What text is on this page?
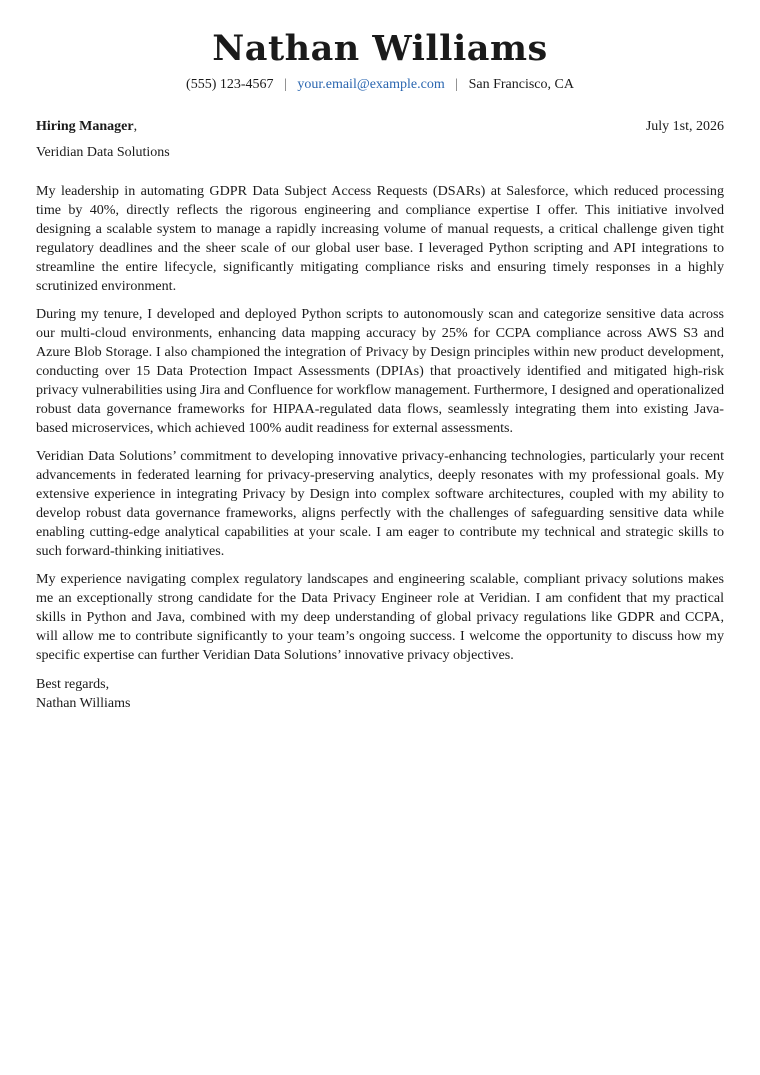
Nathan Williams
(555) 123-4567 | your.email@example.com | San Francisco, CA
Hiring Manager,	July 1st, 2026
Veridian Data Solutions

My leadership in automating GDPR Data Subject Access Requests (DSARs) at Salesforce, which reduced processing time by 40%, directly reflects the rigorous engineering and compliance expertise I offer. This initiative involved designing a scalable system to manage a rapidly increasing volume of manual requests, a critical challenge given tight regulatory deadlines and the sheer scale of our global user base. I leveraged Python scripting and API integrations to streamline the entire lifecycle, significantly mitigating compliance risks and ensuring timely responses in a highly scrutinized environment.

During my tenure, I developed and deployed Python scripts to autonomously scan and categorize sensitive data across our multi-cloud environments, enhancing data mapping accuracy by 25% for CCPA compliance across AWS S3 and Azure Blob Storage. I also championed the integration of Privacy by Design principles within new product development, conducting over 15 Data Protection Impact Assessments (DPIAs) that proactively identified and mitigated high-risk privacy vulnerabilities using Jira and Confluence for workflow management. Furthermore, I designed and operationalized robust data governance frameworks for HIPAA-regulated data flows, seamlessly integrating them into existing Java-based microservices, which achieved 100% audit readiness for external assessments.

Veridian Data Solutions’ commitment to developing innovative privacy-enhancing technologies, particularly your recent advancements in federated learning for privacy-preserving analytics, deeply resonates with my professional goals. My extensive experience in integrating Privacy by Design into complex software architectures, coupled with my ability to develop robust data governance frameworks, aligns perfectly with the challenges of safeguarding sensitive data while enabling cutting-edge analytical capabilities at your scale. I am eager to contribute my technical and strategic skills to such forward-thinking initiatives.

My experience navigating complex regulatory landscapes and engineering scalable, compliant privacy solutions makes me an exceptionally strong candidate for the Data Privacy Engineer role at Veridian. I am confident that my practical skills in Python and Java, combined with my deep understanding of global privacy regulations like GDPR and CCPA, will allow me to contribute significantly to your team’s ongoing success. I welcome the opportunity to discuss how my specific expertise can further Veridian Data Solutions’ innovative privacy objectives.

Best regards,
Nathan Williams
